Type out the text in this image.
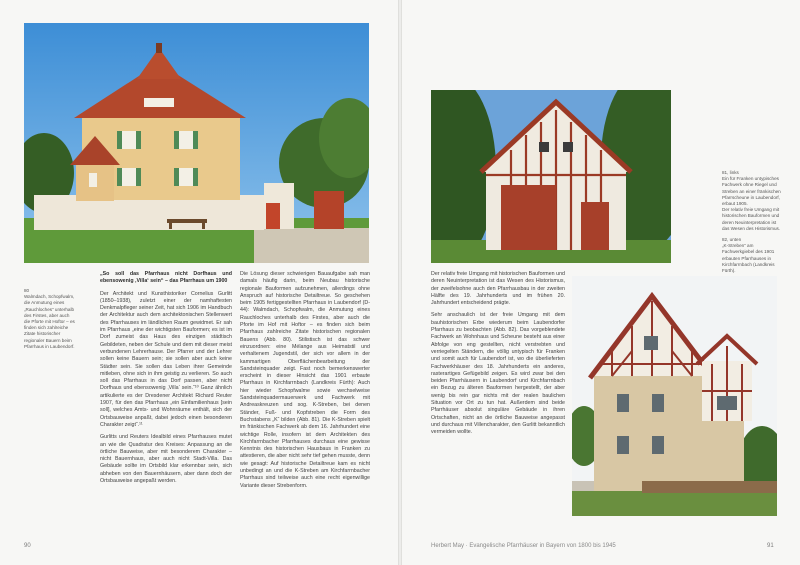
80
Walmdach, Schopfwalm, die Anmutung eines „Rauchloches“ unterhalb des Firstes, aber auch die Pforte mit Hoftor – es finden sich zahlreiche Zitate historischer regionaler Bauern beim Pfarrhaus in Laubendorf.

„So soll das Pfarrhaus nicht Dorfhaus und ebensowenig ‚Villa‘ sein“ – das Pfarrhaus um 1900

Der Architekt und Kunsthistoriker Cornelius Gurlitt (1850–1938), zuletzt einer der namhaftesten Denkmalpfleger seiner Zeit, hat sich 1906 im Handbuch der Architektur auch dem architektonischen Stellenwert des Pfarrhauses im ländlichen Raum gewidmet. Er sah im Pfarrhaus „eine der wichtigsten Bauformen; es ist im Dorf zumeist das Haus des einzigen städtisch Gebildeten, neben der Schule und dem mit dieser meist verbundenen Lehrerhause. Der Pfarrer und der Lehrer sollen keine Bauern sein; sie sollen aber auch keine Städter sein. Sie sollen das Leben ihrer Gemeinde mitleben, ohne sich in ihm geistig zu verlieren. So auch soll das Pfarrhaus in das Dorf passen, aber nicht Dorfhaus und ebensowenig ‚Villa‘ sein.“¹⁰ Ganz ähnlich artikulierte es der Dresdener Architekt Richard Reuter 1907, für den das Pfarrhaus „ein Einfamilienhaus [sein soll], welches Amts- und Wohnräume enthält, sich der Ortsbauweise anpaßt, dabei jedoch einen besonderen Charakter zeigt“.¹¹

Gurlitts und Reuters Idealbild eines Pfarrhauses mutet an wie die Quadratur des Kreises: Anpassung an die örtliche Bauweise, aber mit besonderem Charakter – nicht Bauernhaus, aber auch nicht Stadt-Villa. Das Gebäude sollte im Ortsbild klar erkennbar sein, sich abheben von den Bauernhäusern, aber dann doch der Ortsbauweise angepaßt werden.

Die Lösung dieser schwierigen Bauaufgabe sah man damals häufig darin, beim Neubau historische regionale Bauformen aufzunehmen, allerdings ohne Anspruch auf historische Detailtreue. So geschehen beim 1905 fertiggestellten Pfarrhaus in Laubendorf (D-44): Walmdach, Schopfwalm, die Anmutung eines Rauchloches unterhalb des Firstes, aber auch die Pforte im Hof mit Hoftor – es finden sich beim Pfarrhaus zahlreiche Zitate historischen regionalen Bauens (Abb. 80). Stilistisch ist das schwer einzuordnen: eine Mélange aus Heimatstil und verhaltenem Jugendstil, der sich vor allem in der kammartigen Oberflächenbearbeitung der Sandsteinquader zeigt. Fast noch bemerkenswerter erscheint in dieser Hinsicht das 1901 erbaute Pfarrhaus in Kirchfarrnbach (Landkreis Fürth): Auch hier wieder Schopfwalme sowie wechselweise Sandsteinquadermauerwerk und Fachwerk mit Andreaskreuzen und sog. K-Streben, bei denen Ständer, Fuß- und Kopfstreben die Form des Buchstabens „K“ bilden (Abb. 81). Die K-Streben spielt im fränkischen Fachwerk ab dem 16. Jahrhundert eine wichtige Rolle, insofern ist dem Architekten des Kirchfarrnbacher Pfarrhauses durchaus eine gewisse Kenntnis des historischen Hausbaus in Franken zu attestieren, die aber nicht sehr tief gehen musste, denn wie gesagt: Auf historische Detailtreue kam es nicht unbedingt an und die K-Streben am Kirchfarrnbacher Pfarrhaus sind teilweise auch eine recht eigenwillige Variante dieser Strebenform.

90
81, links
Ein für Franken untypisches Fachwerk ohne Riegel und Streben an einer fränkischen Pfarrscheune in Laubendorf, erbaut 1905.
Der relativ freie Umgang mit historischen Bauformen und deren Neuinterpretation ist das Wesen des Historismus.
82, unten
„K-Streben“ am Fachwerkgiebel des 1901 erbauten Pfarrhauses in Kirchfarrnbach (Landkreis Fürth).

Der relativ freie Umgang mit historischen Bauformen und deren Neuinterpretation ist das Wesen des Historismus, der zweifelsohne auch den Pfarrhausbau in der zweiten Hälfte des 19. Jahrhunderts und im frühen 20. Jahrhundert entscheidend prägte.

Sehr anschaulich ist der freie Umgang mit dem bauhistorischen Erbe wiederum beim Laubendorfer Pfarrhaus zu beobachten (Abb. 82). Das vorgeblendete Fachwerk an Wohnhaus und Scheune besteht aus einer Abfolge von eng gestellten, nicht verstrebten und verriegelten Ständern, die völlig untypisch für Franken und somit auch für Laubendorf ist, wo die überlieferten Fachwerkhäuser des 18. Jahrhunderts ein anderes, rasterartiges Gefügebild zeigen. Es wird zwar bei den beiden Pfarrhäusern in Laubendorf und Kirchfarrnbach ein Bezug zu älteren Bauformen hergestellt, der aber wenig bis rein gar nichts mit der realen baulichen Situation vor Ort zu tun hat. Außerdem sind beide Pfarrhäuser absolut singuläre Gebäude in ihren Ortschaften, nicht an die örtliche Bauweise angepasst und durchaus mit Villencharakter, den Gurlitt bekanntlich vermeiden wollte.

Herbert May · Evangelische Pfarrhäuser in Bayern von 1800 bis 1945	91
